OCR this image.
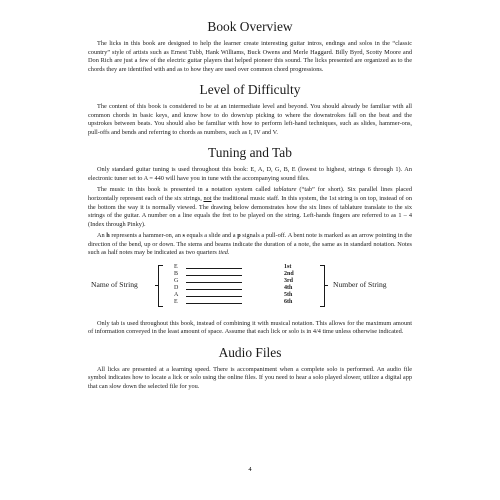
Book Overview

The licks in this book are designed to help the learner create interesting guitar intros, endings and solos in the “classic country” style of artists such as Ernest Tubb, Hank Williams, Buck Owens and Merle Haggard. Billy Byrd, Scotty Moore and Don Rich are just a few of the electric guitar players that helped pioneer this sound. The licks presented are organized as to the chords they are identified with and as to how they are used over common chord progressions.

Level of Difficulty

The content of this book is considered to be at an intermediate level and beyond. You should already be familiar with all common chords in basic keys, and know how to do down/up picking to where the downstrokes fall on the beat and the upstrokes between beats. You should also be familiar with how to perform left-hand techniques, such as slides, hammer-ons, pull-offs and bends and referring to chords as numbers, such as I, IV and V.

Tuning and Tab

Only standard guitar tuning is used throughout this book: E, A, D, G, B, E (lowest to highest, strings 6 through 1). An electronic tuner set to A = 440 will have you in tune with the accompanying sound files.

The music in this book is presented in a notation system called tablature (“tab” for short). Six parallel lines placed horizontally represent each of the six strings, not the traditional music staff. In this system, the 1st string is on top, instead of on the bottom the way it is normally viewed. The drawing below demonstrates how the six lines of tablature translate to the six strings of the guitar. A number on a line equals the fret to be played on the string. Left-hands fingers are referred to as 1 – 4 (Index through Pinky).

An h represents a hammer-on, an s equals a slide and a p signals a pull-off. A bent note is marked as an arrow pointing in the direction of the bend, up or down. The stems and beams indicate the duration of a note, the same as in standard notation. Notes such as half notes may be indicated as two quarters tied.

Name of String
E	1st
B	2nd
G	3rd
D	4th
A	5th
E	6th
Number of String

Only tab is used throughout this book, instead of combining it with musical notation. This allows for the maximum amount of information conveyed in the least amount of space. Assume that each lick or solo is in 4/4 time unless otherwise indicated.

Audio Files

All licks are presented at a learning speed. There is accompaniment when a complete solo is performed. An audio file symbol indicates how to locate a lick or solo using the online files. If you need to hear a solo played slower, utilize a digital app that can slow down the selected file for you.

4
